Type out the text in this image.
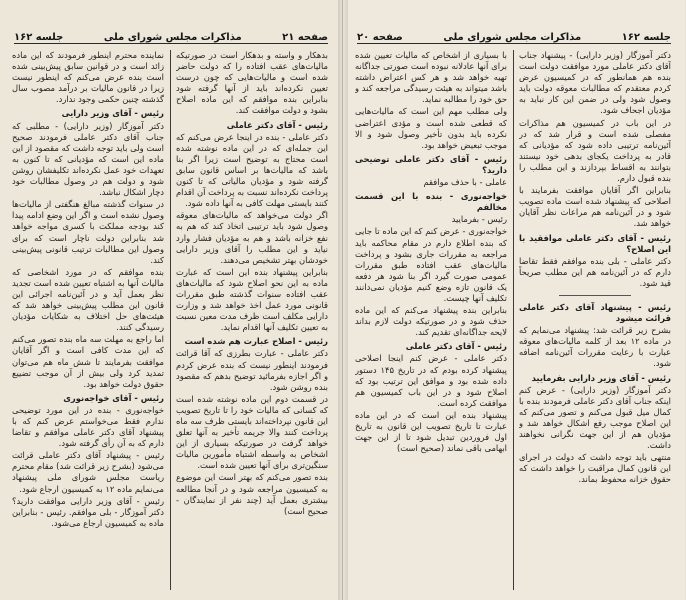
صفحه ۲۱
مذاکرات مجلس شورای ملی
جلسه ۱۶۲

بدهکار و واسته و بدهکار است در صورتیکه مالیات‌های عقب افتاده را که دولت حاضر شده است و مالیات‌هایی که چون درست تعیین نکرده‌اند باید از آنها گرفته شود بنابراین بنده موافقم که این ماده اصلاح بشود و دولت موافقت کند.

رئیس - آقای دکتر عاملی

دکتر عاملی - بنده در اینجا عرض می‌کنم که این جمله‌ای که در این ماده نوشته شده است محتاج به توضیح است زیرا اگر بنا باشد که مالیات‌ها بر اساس قانون سابق گرفته شود و مؤدیان مالیاتی که تا کنون پرداخت نکرده‌اند نسبت به پرداخت آن اقدام کنند بایستی مهلت کافی به آنها داده شود.

اگر دولت می‌خواهد که مالیات‌های معوقه وصول شود باید ترتیبی اتخاذ کند که هم به نفع خزانه باشد و هم به مؤدیان فشار وارد نیاید و این مطلب را آقای وزیر دارایی خودشان بهتر تشخیص می‌دهند.

بنابراین پیشنهاد بنده این است که عبارت ماده به این نحو اصلاح شود که مالیات‌های عقب افتاده سنوات گذشته طبق مقررات قانونی مورد عمل اخذ خواهد شد و وزارت دارایی مکلف است ظرف مدت معین نسبت به تعیین تکلیف آنها اقدام نماید.

رئیس - اصلاح عبارت هم شده است

دکتر عاملی - عبارت بطرزی که آقا قرائت فرمودند اینطور نیست که بنده عرض کردم و اگر اجازه بفرمائید توضیح بدهم که مقصود بنده روشن شود.

در قسمت دوم این ماده نوشته شده است که کسانی که مالیات خود را تا تاریخ تصویب این قانون نپرداخته‌اند بایستی ظرف سه ماه پرداخت کنند والا جریمه تأخیر به آنها تعلق خواهد گرفت در صورتیکه بسیاری از این اشخاص به واسطه اشتباه مأمورین مالیات سنگین‌تری برای آنها تعیین شده است.

بنده تصور می‌کنم که بهتر است این موضوع به کمیسیون مراجعه شود و در آنجا مطالعه بیشتری بعمل آید (چند نفر از نمایندگان - صحیح است)

نماینده محترم اینطور فرمودند که این ماده زائد است و در قوانین سابق پیش‌بینی شده است بنده عرض می‌کنم که اینطور نیست زیرا در قانون مالیات بر درآمد مصوب سال گذشته چنین حکمی وجود ندارد.

رئیس - آقای وزیر دارایی

دکتر آموزگار (وزیر دارایی) - مطلبی که جناب آقای دکتر عاملی فرمودند صحیح است ولی باید توجه داشت که مقصود از این ماده این است که مؤدیانی که تا کنون به تعهدات خود عمل نکرده‌اند تکلیفشان روشن شود و دولت هم در وصول مطالبات خود دچار اشکال نباشد.

در سنوات گذشته مبالغ هنگفتی از مالیات‌ها وصول نشده است و اگر این وضع ادامه پیدا کند بودجه مملکت با کسری مواجه خواهد شد بنابراین دولت ناچار است که برای وصول این مطالبات ترتیب قانونی پیش‌بینی کند.

بنده موافقم که در مورد اشخاصی که مالیات آنها به اشتباه تعیین شده است تجدید نظر بعمل آید و در آئین‌نامه اجرائی این قانون این مطلب پیش‌بینی خواهد شد که هیئت‌های حل اختلاف به شکایات مؤدیان رسیدگی کنند.

اما راجع به مهلت سه ماه بنده تصور می‌کنم که این مدت کافی است و اگر آقایان موافقت بفرمایند تا شش ماه هم می‌توان تمدید کرد ولی بیش از آن موجب تضییع حقوق دولت خواهد بود.

رئیس - آقای خواجه‌نوری

خواجه‌نوری - بنده در این مورد توضیحی ندارم فقط می‌خواستم عرض کنم که با پیشنهاد آقای دکتر عاملی موافقم و تقاضا دارم که به آن رأی گرفته شود.

رئیس - پیشنهاد آقای دکتر عاملی قرائت می‌شود (بشرح زیر قرائت شد) مقام محترم ریاست مجلس شورای ملی پیشنهاد می‌نمایم ماده ۱۲ به کمیسیون ارجاع شود.

رئیس - آقای وزیر دارایی موافقت دارید؟ دکتر آموزگار - بلی موافقم. رئیس - بنابراین ماده به کمیسیون ارجاع می‌شود.

جلسه ۱۶۲
مذاکرات مجلس شورای ملی
صفحه ۲۰

دکتر آموزگار (وزیر دارایی) - پیشنهاد جناب آقای دکتر عاملی مورد موافقت دولت است بنده هم همانطور که در کمیسیون عرض کردم معتقدم که مطالبات معوقه دولت باید وصول شود ولی در ضمن این کار نباید به مؤدیان اجحاف شود.

در این باب در کمیسیون هم مذاکرات مفصلی شده است و قرار شد که در آئین‌نامه ترتیبی داده شود که مؤدیانی که قادر به پرداخت یکجای بدهی خود نیستند بتوانند به اقساط بپردازند و این مطلب را بنده قبول دارم.

بنابراین اگر آقایان موافقت بفرمایند با اصلاحی که پیشنهاد شده است ماده تصویب شود و در آئین‌نامه هم مراعات نظر آقایان خواهد شد.

رئیس - آقای دکتر عاملی موافقید با این اصلاح؟

دکتر عاملی - بلی بنده موافقم فقط تقاضا دارم که در آئین‌نامه هم این مطلب صریحاً قید شود.

رئیس - پیشنهاد آقای دکتر عاملی قرائت میشود

بشرح زیر قرائت شد: پیشنهاد می‌نمایم که در ماده ۱۲ بعد از کلمه مالیات‌های معوقه عبارت با رعایت مقررات آئین‌نامه اضافه شود.

رئیس - آقای وزیر دارایی بفرمایید

دکتر آموزگار (وزیر دارایی) - عرض کنم اینکه جناب آقای دکتر عاملی فرمودند بنده با کمال میل قبول می‌کنم و تصور می‌کنم که این اصلاح موجب رفع اشکال خواهد شد و مؤدیان هم از این جهت نگرانی نخواهند داشت.

منتهی باید توجه داشت که دولت در اجرای این قانون کمال مراقبت را خواهد داشت که حقوق خزانه محفوظ بماند.

با بسیاری از اشخاص که مالیات تعیین شده برای آنها عادلانه نبوده است صورتی جداگانه تهیه خواهد شد و هر کس اعتراض داشته باشد میتواند به هیئت رسیدگی مراجعه کند و حق خود را مطالبه نماید.

ولی مطلب مهم این است که مالیات‌هایی که قطعی شده است و مؤدی اعتراضی نکرده باید بدون تأخیر وصول شود و الا موجب تبعیض خواهد بود.

رئیس - آقای دکتر عاملی توضیحی دارید؟

عاملی - با حذف موافقم

خواجه‌نوری - بنده با این قسمت مخالفم

رئیس - بفرمایید

خواجه‌نوری - عرض کنم که این ماده تا جایی که بنده اطلاع دارم در مقام محاکمه باید مراجعه به مقررات جاری بشود و پرداخت مالیات‌های عقب افتاده طبق مقررات عمومی صورت گیرد اگر بنا شود هر دفعه یک قانون تازه وضع کنیم مؤدیان نمی‌دانند تکلیف آنها چیست.

بنابراین بنده پیشنهاد می‌کنم که این ماده حذف شود و در صورتیکه دولت لازم بداند لایحه جداگانه‌ای تقدیم کند.

رئیس - آقای دکتر عاملی

دکتر عاملی - عرض کنم اینجا اصلاحی پیشنهاد کرده بودم که در تاریخ ۱۴۵ دستور داده شده بود و موافق این ترتیب بود که اصلاح شود و در این باب کمیسیون هم موافقت کرده است.

پیشنهاد بنده این است که در این ماده عبارت تا تاریخ تصویب این قانون به تاریخ اول فروردین تبدیل شود تا از این جهت ابهامی باقی نماند (صحیح است)
